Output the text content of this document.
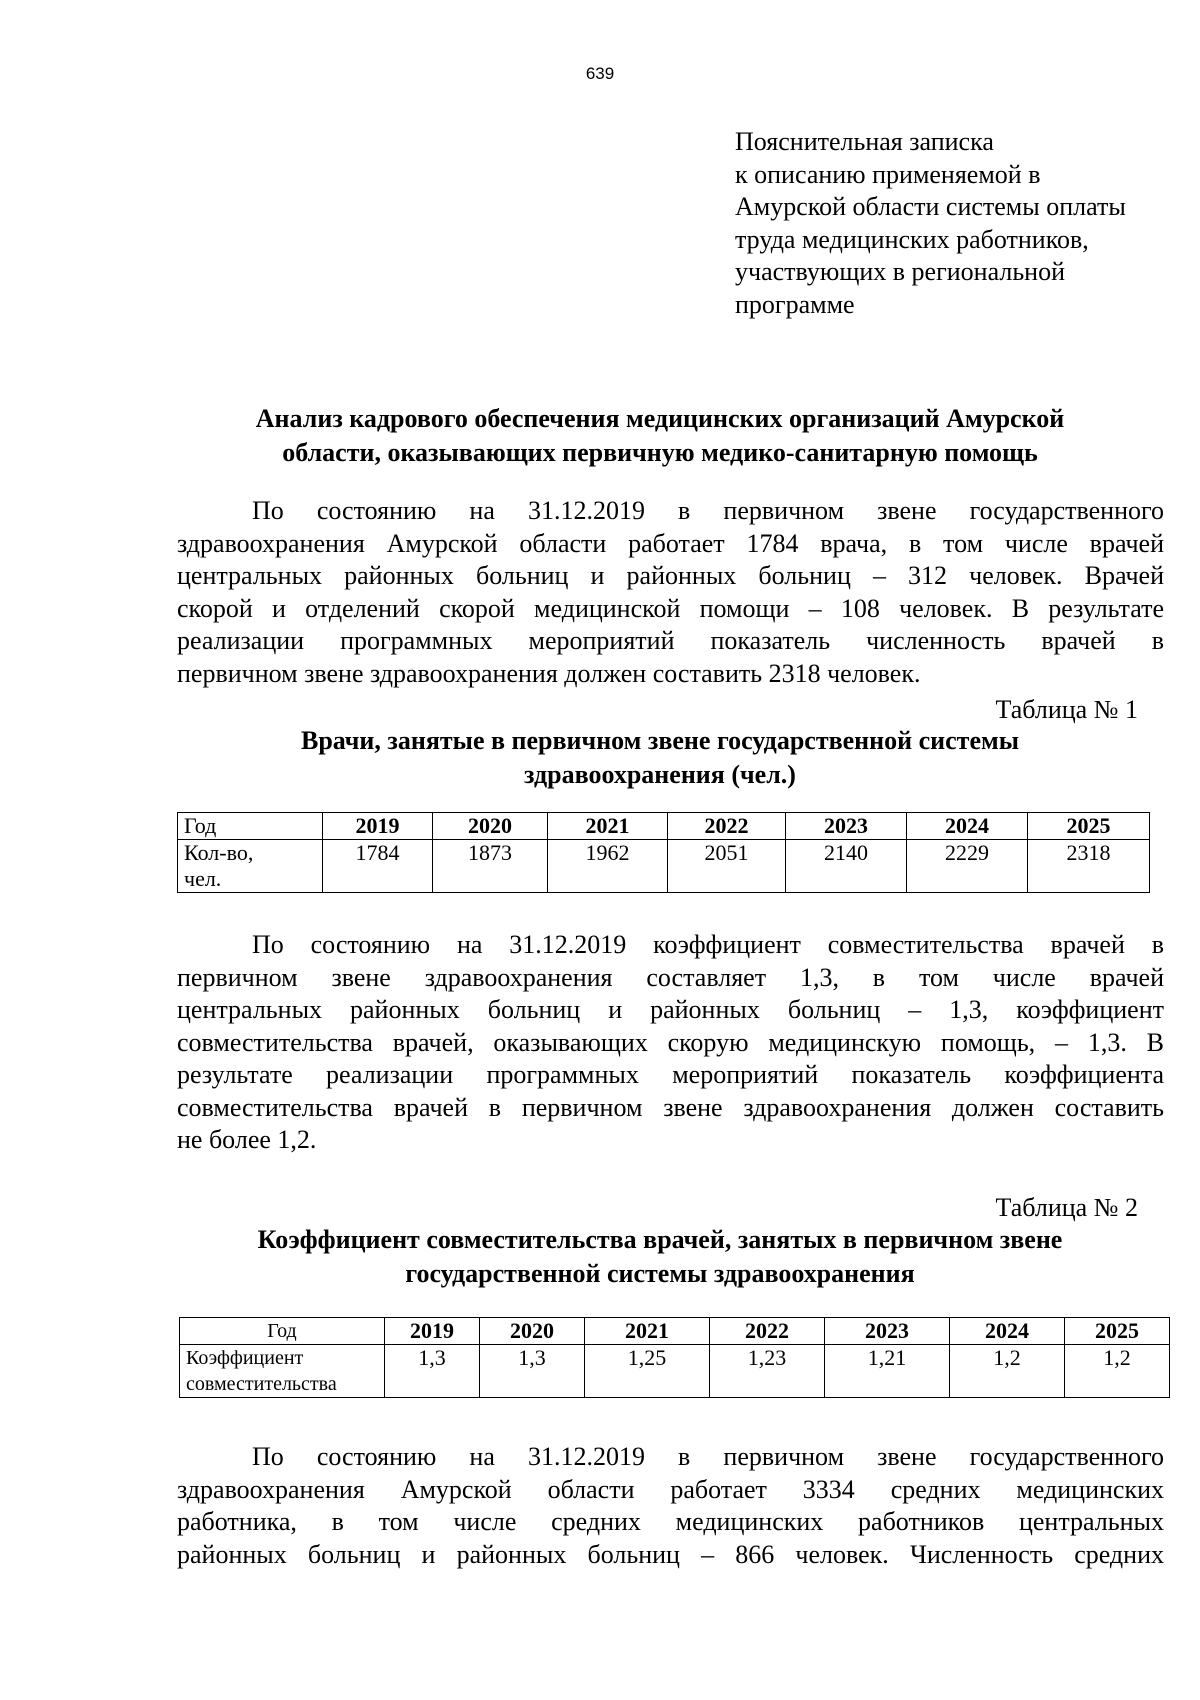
639
Пояснительная записка
к описанию применяемой в
Амурской области системы оплаты
труда медицинских работников,
участвующих в региональной
программе
Анализ кадрового обеспечения медицинских организаций Амурской
области, оказывающих первичную медико-санитарную помощь
По состоянию на 31.12.2019 в первичном звене государственного
здравоохранения Амурской области работает 1784 врача, в том числе врачей
центральных районных больниц и районных больниц – 312 человек. Врачей
скорой и отделений скорой медицинской помощи – 108 человек. В результате
реализации программных мероприятий показатель численность врачей в
первичном звене здравоохранения должен составить 2318 человек.
Таблица № 1
Врачи, занятые в первичном звене государственной системы
здравоохранения (чел.)
Год	2019	2020	2021	2022	2023	2024	2025

Кол-во,
чел.	1784	1873	1962	2051	2140	2229	2318
По состоянию на 31.12.2019 коэффициент совместительства врачей в
первичном звене здравоохранения составляет 1,3, в том числе врачей
центральных районных больниц и районных больниц – 1,3, коэффициент
совместительства врачей, оказывающих скорую медицинскую помощь, – 1,3. В
результате реализации программных мероприятий показатель коэффициента
совместительства врачей в первичном звене здравоохранения должен составить
не более 1,2.
Таблица № 2
Коэффициент совместительства врачей, занятых в первичном звене
государственной системы здравоохранения
Год	2019	2020	2021	2022	2023	2024	2025

Коэффициент
совместительства	1,3	1,3	1,25	1,23	1,21	1,2	1,2
По состоянию на 31.12.2019 в первичном звене государственного
здравоохранения Амурской области работает 3334 средних медицинских
работника, в том числе средних медицинских работников центральных
районных больниц и районных больниц – 866 человек. Численность средних
